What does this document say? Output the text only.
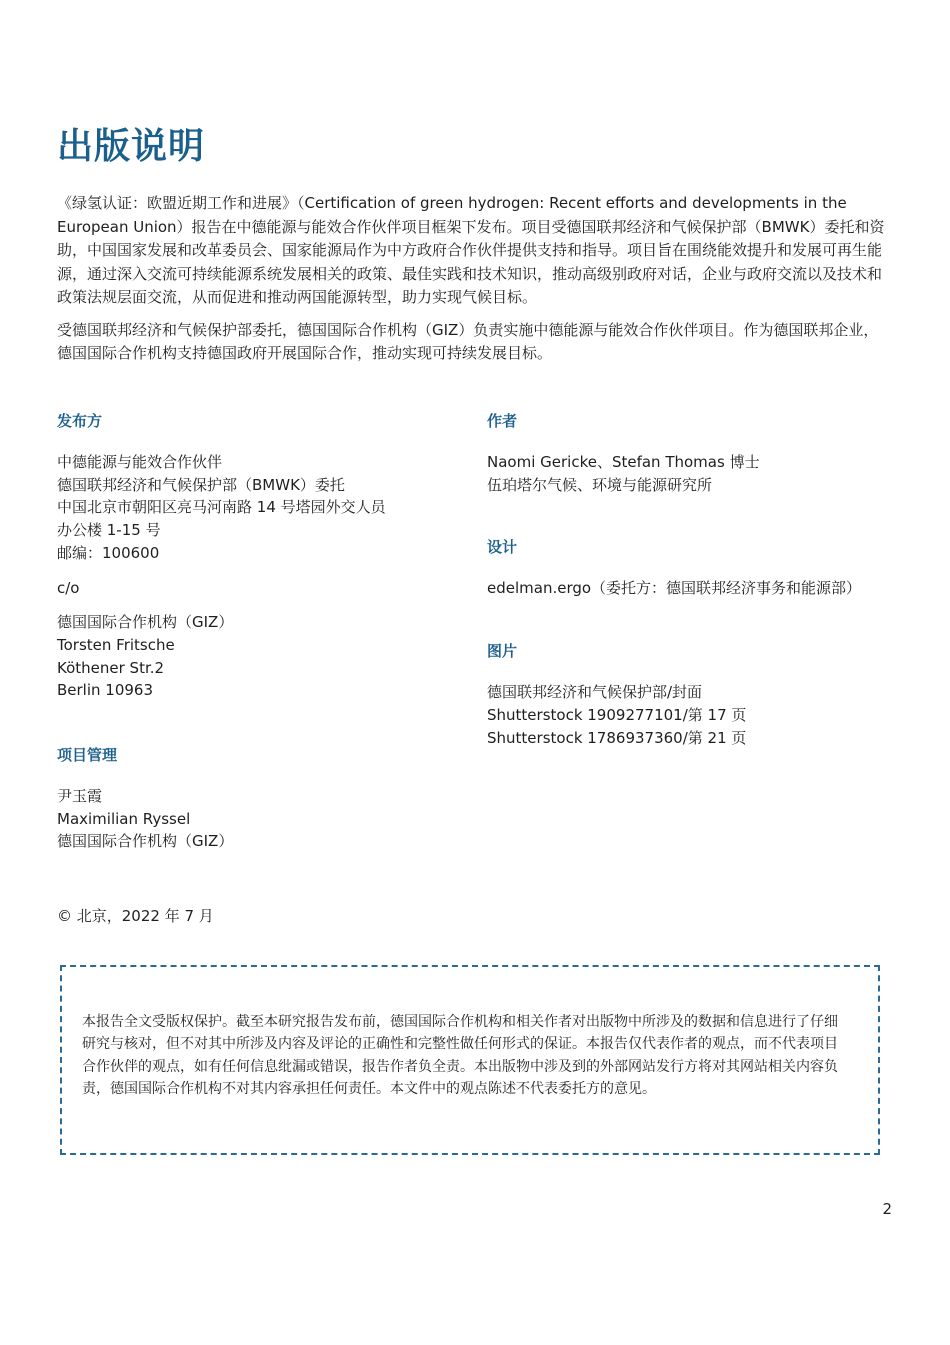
出版说明

《绿氢认证：欧盟近期工作和进展》（Certification of green hydrogen: Recent efforts and developments in the European Union）报告在中德能源与能效合作伙伴项目框架下发布。项目受德国联邦经济和气候保护部（BMWK）委托和资助，中国国家发展和改革委员会、国家能源局作为中方政府合作伙伴提供支持和指导。项目旨在围绕能效提升和发展可再生能源，通过深入交流可持续能源系统发展相关的政策、最佳实践和技术知识，推动高级别政府对话，企业与政府交流以及技术和政策法规层面交流，从而促进和推动两国能源转型，助力实现气候目标。

受德国联邦经济和气候保护部委托，德国国际合作机构（GIZ）负责实施中德能源与能效合作伙伴项目。作为德国联邦企业，德国国际合作机构支持德国政府开展国际合作，推动实现可持续发展目标。

发布方
中德能源与能效合作伙伴
德国联邦经济和气候保护部（BMWK）委托
中国北京市朝阳区亮马河南路 14 号塔园外交人员办公楼 1-15 号
邮编：100600
c/o
德国国际合作机构（GIZ）
Torsten Fritsche
Köthener Str.2
Berlin 10963
项目管理
尹玉霞
Maximilian Ryssel
德国国际合作机构（GIZ）
作者
Naomi Gericke、Stefan Thomas 博士
伍珀塔尔气候、环境与能源研究所
设计
edelman.ergo（委托方：德国联邦经济事务和能源部）
图片
德国联邦经济和气候保护部/封面
Shutterstock 1909277101/第 17 页
Shutterstock 1786937360/第 21 页
© 北京，2022 年 7 月

本报告全文受版权保护。截至本研究报告发布前，德国国际合作机构和相关作者对出版物中所涉及的数据和信息进行了仔细研究与核对，但不对其中所涉及内容及评论的正确性和完整性做任何形式的保证。本报告仅代表作者的观点，而不代表项目合作伙伴的观点，如有任何信息纰漏或错误，报告作者负全责。本出版物中涉及到的外部网站发行方将对其网站相关内容负责，德国国际合作机构不对其内容承担任何责任。本文件中的观点陈述不代表委托方的意见。

2
